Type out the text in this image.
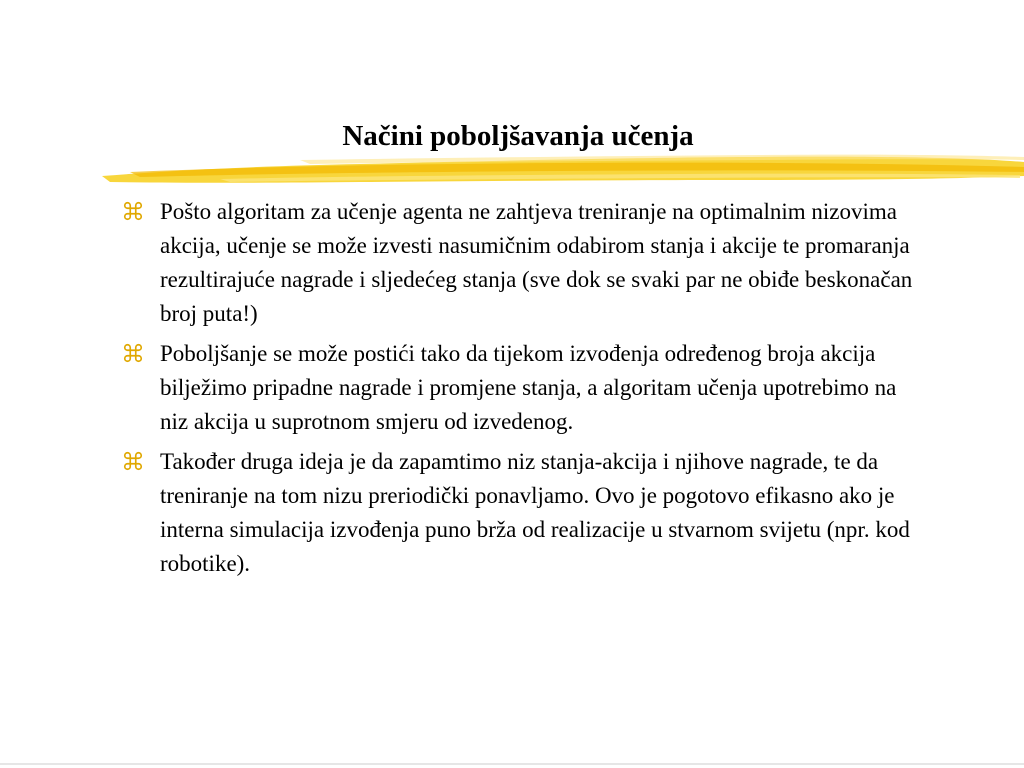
Načini poboljšavanja učenja
Pošto algoritam za učenje agenta ne zahtjeva treniranje na optimalnim nizovima akcija, učenje se može izvesti nasumičnim odabirom stanja i akcije te promaranja rezultirajuće nagrade i sljedećeg stanja (sve dok se svaki par ne obiđe beskonačan broj puta!)
Poboljšanje se može postići tako da tijekom izvođenja određenog broja akcija bilježimo pripadne nagrade i promjene stanja, a algoritam učenja upotrebimo na niz akcija u suprotnom smjeru od izvedenog.
Također druga ideja je da zapamtimo niz stanja-akcija i njihove nagrade, te da treniranje na tom nizu preriodički ponavljamo. Ovo je pogotovo efikasno ako je interna simulacija izvođenja puno brža od realizacije u stvarnom svijetu (npr. kod robotike).
